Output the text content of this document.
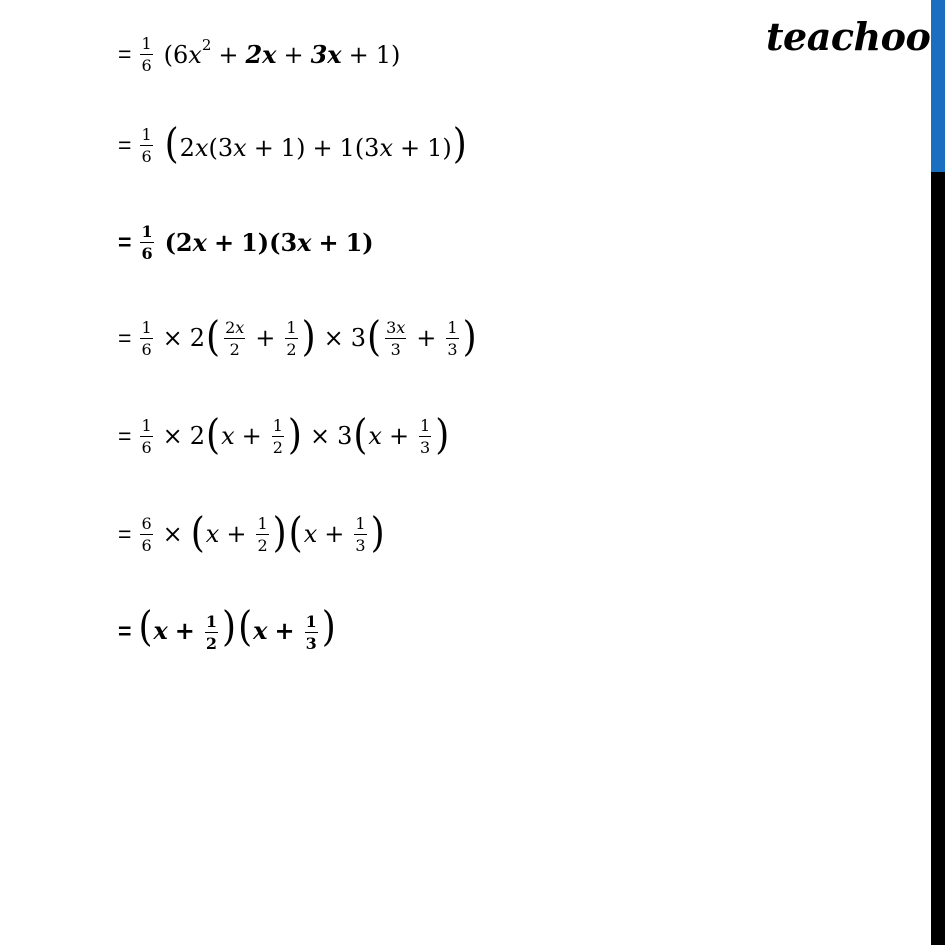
teachoo
= $\frac{1}{6} (6x^2 + 2x + 3x + 1)$
= $\frac{1}{6} (2x(3x + 1) + 1(3x + 1))$
= $\frac{1}{6} (2x + 1)(3x + 1)$
= $\frac{1}{6} \times 2$ ( $\frac{2x}{2} + \frac{1}{2}$ ) × 3 ( $\frac{3x}{3} + \frac{1}{3}$ )
= $\frac{1}{6} \times 2$ ( $x + \frac{1}{2}$ ) × 3 ( $x + \frac{1}{3}$ )
= $\frac{6}{6}$ × ( $x + \frac{1}{2}$ ) ( $x + \frac{1}{3}$ )
= $(x + \frac{1}{2} )(x + \frac{1}{3}$ )
